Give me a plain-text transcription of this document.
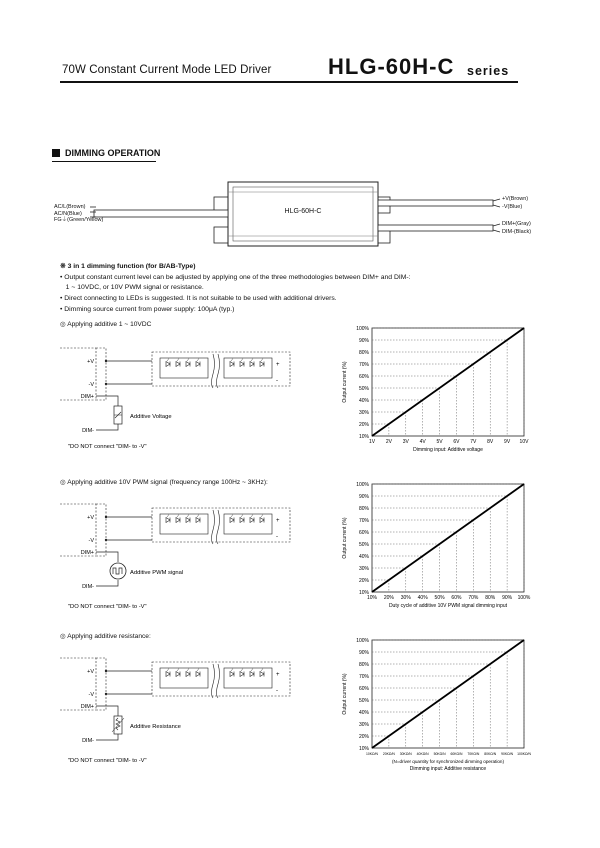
70W Constant Current Mode LED Driver	HLG-60H-C series
DIMMING OPERATION
HLG-60H-C
AC/L(Brown)
AC/N(Blue)
FG⏚(Green/Yellow)
+V(Brown)
-V(Blue)
DIM+(Gray)
DIM-(Black)
※ 3 in 1 dimming function (for B/AB-Type)
• Output constant current level can be adjusted by applying one of the three methodologies between DIM+ and DIM-:
1 ~ 10VDC, or 10V PWM signal or resistance.
• Direct connecting to LEDs is suggested. It is not suitable to be used with additional drivers.
• Dimming source current from power supply: 100μA (typ.)
◎ Applying additive 1 ~ 10VDC
◎ Applying additive 10V PWM signal (frequency range 100Hz ~ 3KHz):
◎ Applying additive resistance:
+
-
+V
-V
DIM+
DIM-
Additive Voltage
"DO NOT connect "DIM- to -V"
+
-
+V
-V
DIM+
DIM-
Additive PWM signal
"DO NOT connect "DIM- to -V"
+
-
+V
-V
DIM+
DIM-
Additive Resistance
"DO NOT connect "DIM- to -V"
10%
20%
30%
40%
50%
60%
70%
80%
90%
100%
1V 2V 3V 4V 5V 6V 7V 8V 9V 10V
Dimming input: Additive voltage
Output current (%)
10%
20%
30%
40%
50%
60%
70%
80%
90%
100%
10% 20% 30% 40% 50% 60% 70% 80% 90% 100%
Duty cycle of additive 10V PWM signal dimming input
Output current (%)
10%
20%
30%
40%
50%
60%
70%
80%
90%
100%
10KΩ/N 20KΩ/N 30KΩ/N 40KΩ/N 50KΩ/N 60KΩ/N 70KΩ/N 80KΩ/N 90KΩ/N 100KΩ/N
Dimming input: Additive resistance
(N=driver quantity for synchronized dimming operation)
Output current (%)
